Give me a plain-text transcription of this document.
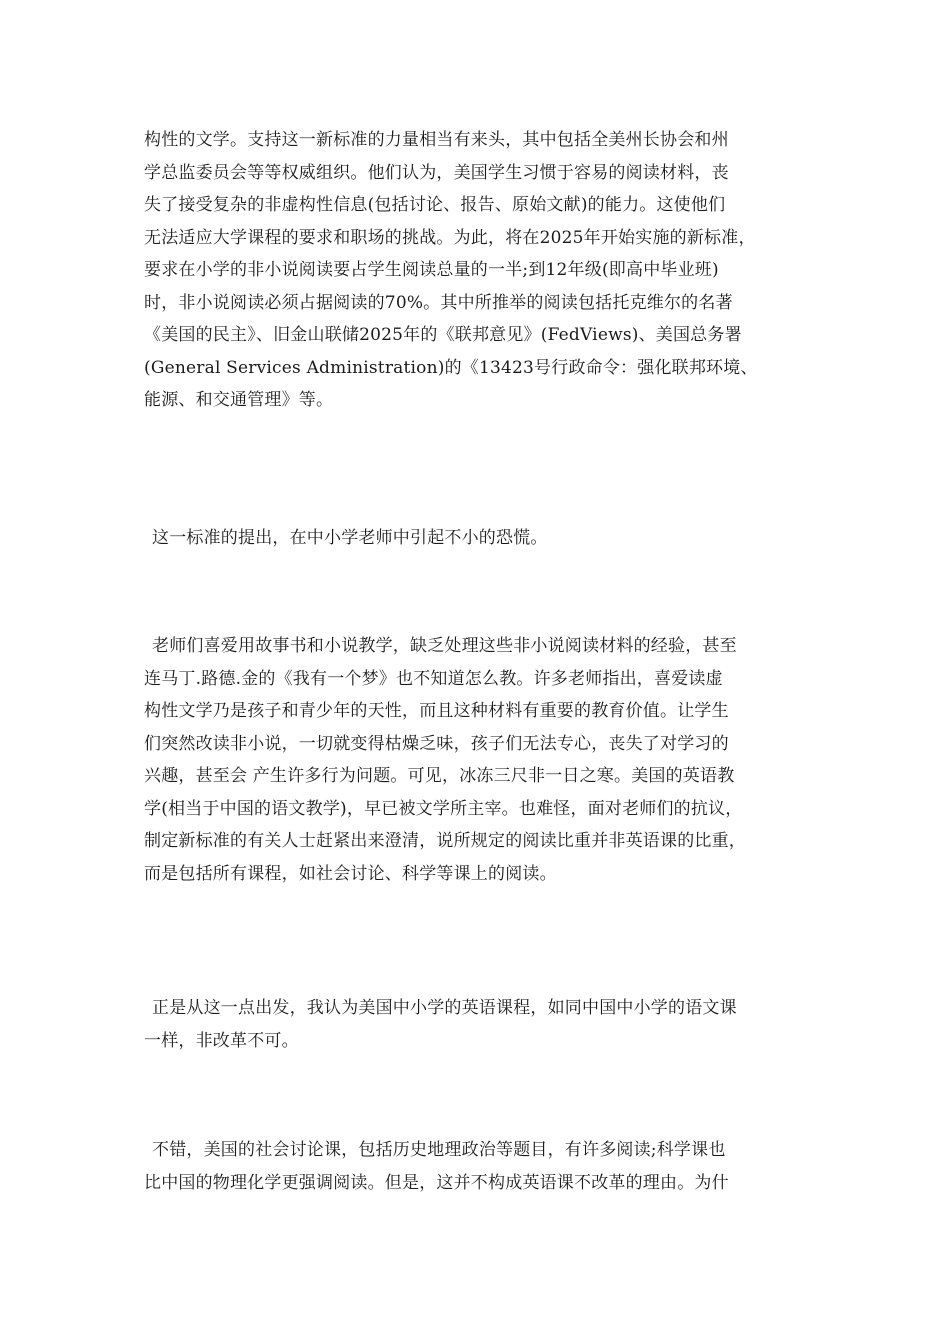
构性的文学。支持这一新标准的力量相当有来头，其中包括全美州长协会和州
学总监委员会等等权威组织。他们认为，美国学生习惯于容易的阅读材料，丧
失了接受复杂的非虚构性信息(包括讨论、报告、原始文献)的能力。这使他们
无法适应大学课程的要求和职场的挑战。为此，将在2025年开始实施的新标准，
要求在小学的非小说阅读要占学生阅读总量的一半;到12年级(即高中毕业班)
时，非小说阅读必须占据阅读的70%。其中所推举的阅读包括托克维尔的名著
《美国的民主》、旧金山联储2025年的《联邦意见》(FedViews)、美国总务署
(General Services Administration)的《13423号行政命令：强化联邦环境、
能源、和交通管理》等。
这一标准的提出，在中小学老师中引起不小的恐慌。
老师们喜爱用故事书和小说教学，缺乏处理这些非小说阅读材料的经验，甚至
连马丁.路德.金的《我有一个梦》也不知道怎么教。许多老师指出，喜爱读虚
构性文学乃是孩子和青少年的天性，而且这种材料有重要的教育价值。让学生
们突然改读非小说，一切就变得枯燥乏味，孩子们无法专心，丧失了对学习的
兴趣，甚至会 产生许多行为问题。可见，冰冻三尺非一日之寒。美国的英语教
学(相当于中国的语文教学)，早已被文学所主宰。也难怪，面对老师们的抗议，
制定新标准的有关人士赶紧出来澄清，说所规定的阅读比重并非英语课的比重，
而是包括所有课程，如社会讨论、科学等课上的阅读。
正是从这一点出发，我认为美国中小学的英语课程，如同中国中小学的语文课
一样，非改革不可。
不错，美国的社会讨论课，包括历史地理政治等题目，有许多阅读;科学课也
比中国的物理化学更强调阅读。但是，这并不构成英语课不改革的理由。为什
